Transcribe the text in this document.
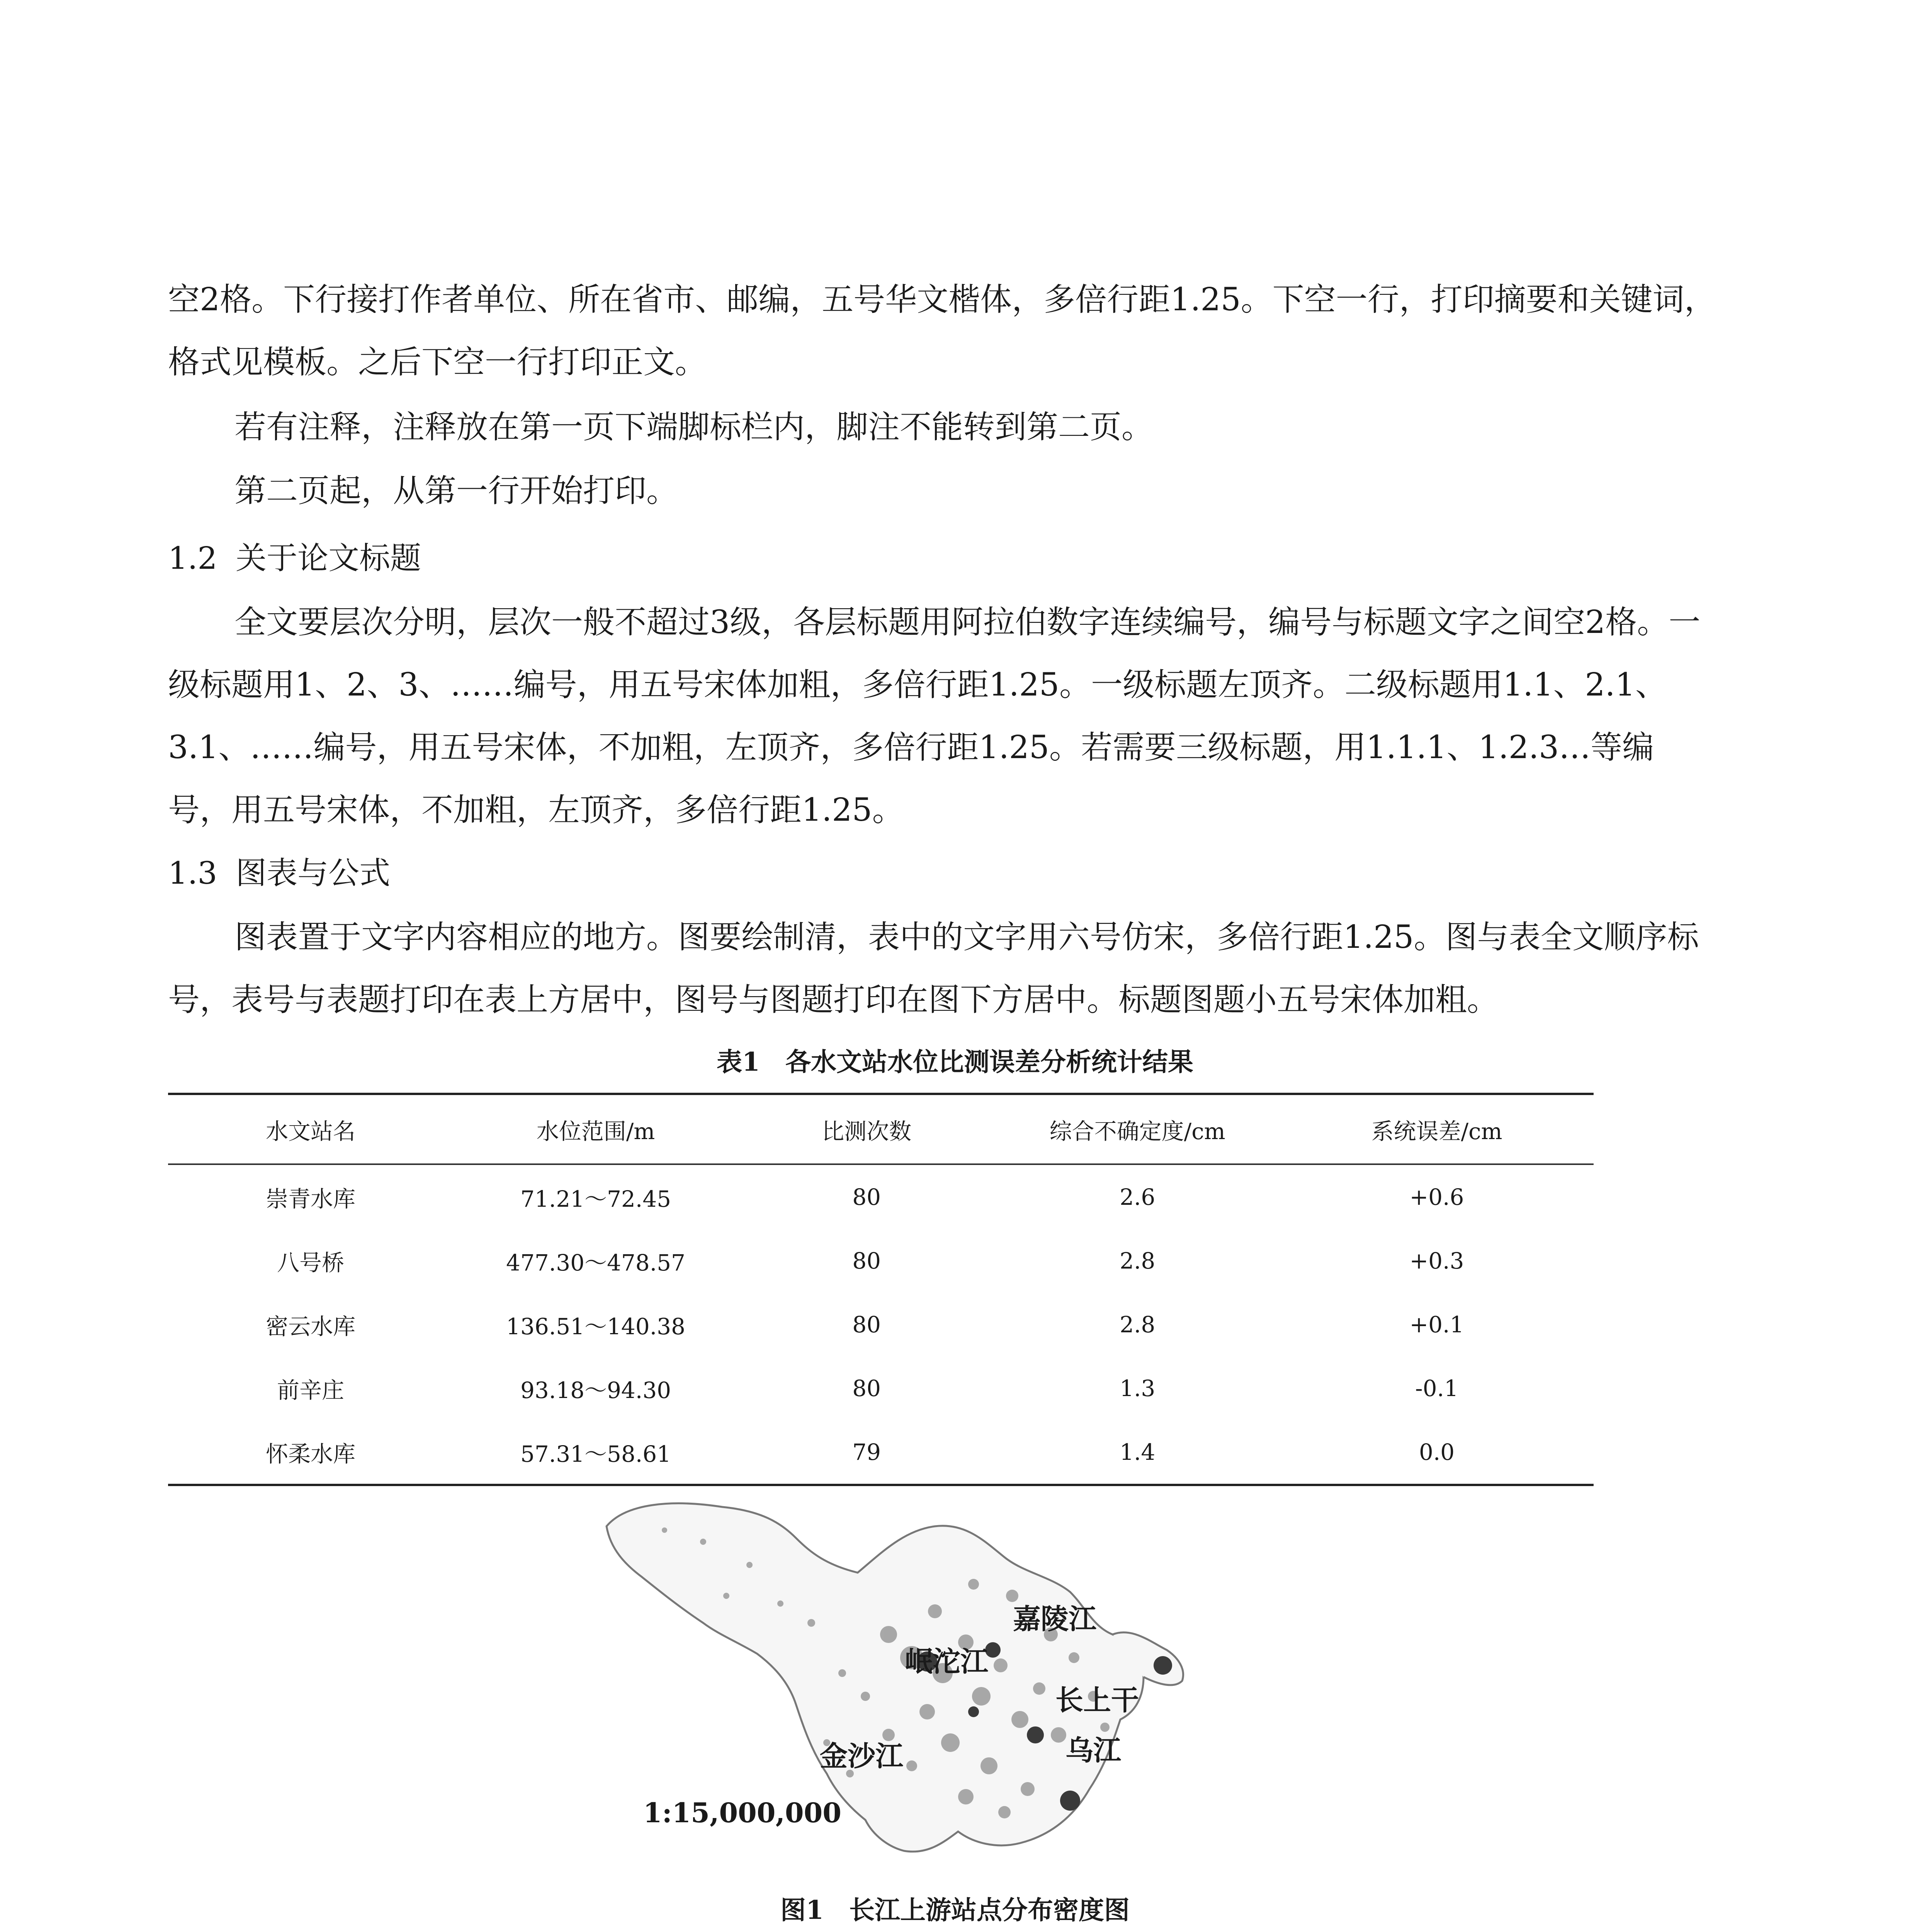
空2格。下行接打作者单位、所在省市、邮编，五号华文楷体，多倍行距1.25。下空一行，打印摘要和关键词，格式见模板。之后下空一行打印正文。

若有注释，注释放在第一页下端脚标栏内，脚注不能转到第二页。

第二页起，从第一行开始打印。

1.2 关于论文标题

全文要层次分明，层次一般不超过3级，各层标题用阿拉伯数字连续编号，编号与标题文字之间空2格。一级标题用1、2、3、……编号，用五号宋体加粗，多倍行距1.25。一级标题左顶齐。二级标题用1.1、2.1、3.1、……编号，用五号宋体，不加粗，左顶齐，多倍行距1.25。若需要三级标题，用1.1.1、1.2.3…等编号，用五号宋体，不加粗，左顶齐，多倍行距1.25。

1.3 图表与公式

图表置于文字内容相应的地方。图要绘制清，表中的文字用六号仿宋，多倍行距1.25。图与表全文顺序标号，表号与表题打印在表上方居中，图号与图题打印在图下方居中。标题图题小五号宋体加粗。

表1　各水文站水位比测误差分析统计结果
水文站名	水位范围/m	比测次数	综合不确定度/cm	系统误差/cm
崇青水库	71.21～72.45	80	2.6	+0.6
八号桥	477.30～478.57	80	2.8	+0.3
密云水库	136.51～140.38	80	2.8	+0.1
前辛庄	93.18～94.30	80	1.3	-0.1
怀柔水库	57.31～58.61	79	1.4	0.0
岷沱江
嘉陵江
长上干
乌江
金沙江
1:15,000,000
图1　长江上游站点分布密度图
